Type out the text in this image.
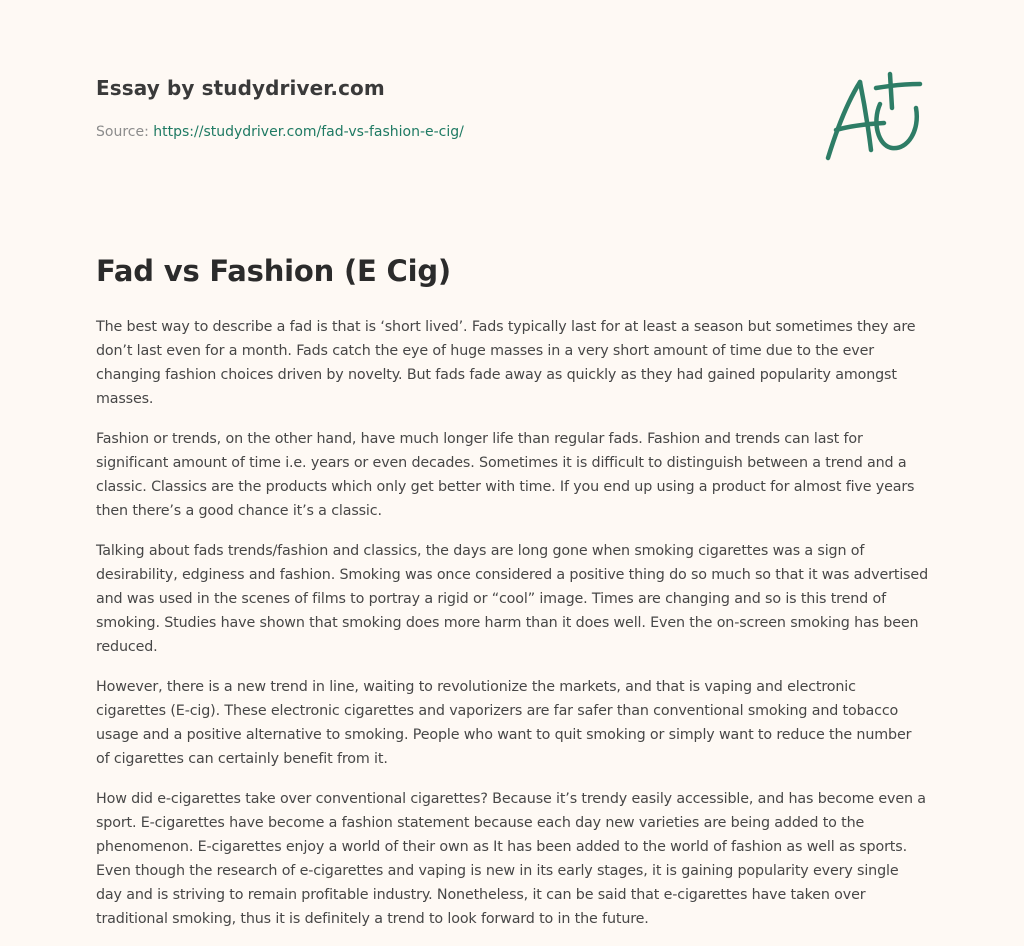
Essay by studydriver.com

Source: https://studydriver.com/fad-vs-fashion-e-cig/

Fad vs Fashion (E Cig)

The best way to describe a fad is that is ‘short lived’. Fads typically last for at least a season but sometimes they are don’t last even for a month. Fads catch the eye of huge masses in a very short amount of time due to the ever changing fashion choices driven by novelty. But fads fade away as quickly as they had gained popularity amongst masses.

Fashion or trends, on the other hand, have much longer life than regular fads. Fashion and trends can last for significant amount of time i.e. years or even decades. Sometimes it is difficult to distinguish between a trend and a classic. Classics are the products which only get better with time. If you end up using a product for almost five years then there’s a good chance it’s a classic.

Talking about fads trends/fashion and classics, the days are long gone when smoking cigarettes was a sign of desirability, edginess and fashion. Smoking was once considered a positive thing do so much so that it was advertised and was used in the scenes of films to portray a rigid or “cool” image. Times are changing and so is this trend of smoking. Studies have shown that smoking does more harm than it does well. Even the on-screen smoking has been reduced.

However, there is a new trend in line, waiting to revolutionize the markets, and that is vaping and electronic cigarettes (E-cig). These electronic cigarettes and vaporizers are far safer than conventional smoking and tobacco usage and a positive alternative to smoking. People who want to quit smoking or simply want to reduce the number of cigarettes can certainly benefit from it.

How did e-cigarettes take over conventional cigarettes? Because it’s trendy easily accessible, and has become even a sport. E-cigarettes have become a fashion statement because each day new varieties are being added to the phenomenon. E-cigarettes enjoy a world of their own as It has been added to the world of fashion as well as sports. Even though the research of e-cigarettes and vaping is new in its early stages, it is gaining popularity every single day and is striving to remain profitable industry. Nonetheless, it can be said that e-cigarettes have taken over traditional smoking, thus it is definitely a trend to look forward to in the future.
